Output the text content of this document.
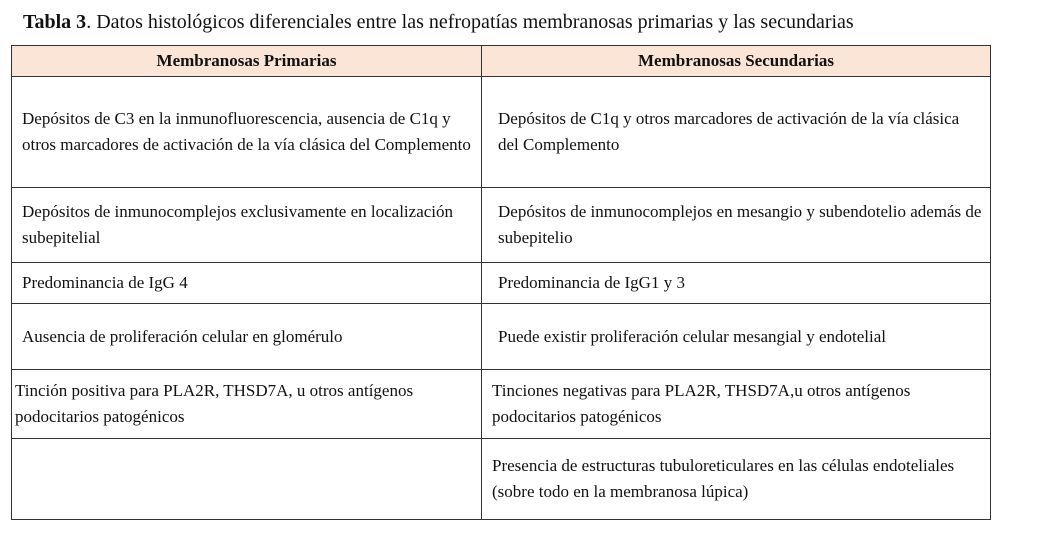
Tabla 3. Datos histológicos diferenciales entre las nefropatías membranosas primarias y las secundarias
Membranosas Primarias	Membranosas Secundarias
Depósitos de C3 en la inmunofluorescencia, ausencia de C1q y otros marcadores de activación de la vía clásica del Complemento	Depósitos de C1q y otros marcadores de activación de la vía clásica del Complemento
Depósitos de inmunocomplejos exclusivamente en localización subepitelial	Depósitos de inmunocomplejos en mesangio y subendotelio además de subepitelio
Predominancia de IgG 4	Predominancia de IgG1 y 3
Ausencia de proliferación celular en glomérulo	Puede existir proliferación celular mesangial y endotelial
Tinción positiva para PLA2R, THSD7A, u otros antígenos podocitarios patogénicos	Tinciones negativas para PLA2R, THSD7A,u otros antígenos podocitarios patogénicos
	Presencia de estructuras tubuloreticulares en las células endoteliales (sobre todo en la membranosa lúpica)
